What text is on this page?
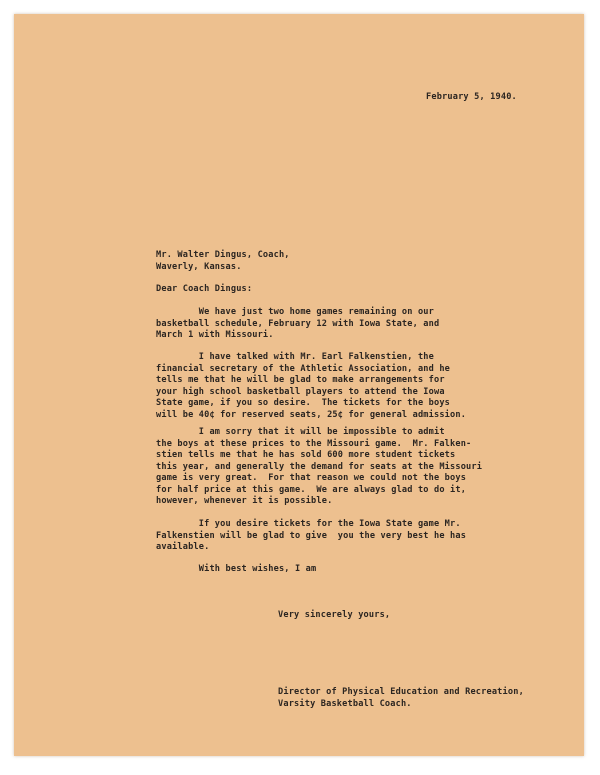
February 5, 1940.

Mr. Walter Dingus, Coach,

Waverly, Kansas.

Dear Coach Dingus:

We have just two home games remaining on our
basketball schedule, February 12 with Iowa State, and
March 1 with Missouri.

I have talked with Mr. Earl Falkenstien, the
financial secretary of the Athletic Association, and he
tells me that he will be glad to make arrangements for
your high school basketball players to attend the Iowa
State game, if you so desire.  The tickets for the boys
will be 40¢ for reserved seats, 25¢ for general admission.

I am sorry that it will be impossible to admit
the boys at these prices to the Missouri game.  Mr. Falken-
stien tells me that he has sold 600 more student tickets
this year, and generally the demand for seats at the Missouri
game is very great.  For that reason we could not the boys
for half price at this game.  We are always glad to do it,
however, whenever it is possible.

If you desire tickets for the Iowa State game Mr.
Falkenstien will be glad to give  you the very best he has
available.

With best wishes, I am

Very sincerely yours,

Director of Physical Education and Recreation,

Varsity Basketball Coach.
